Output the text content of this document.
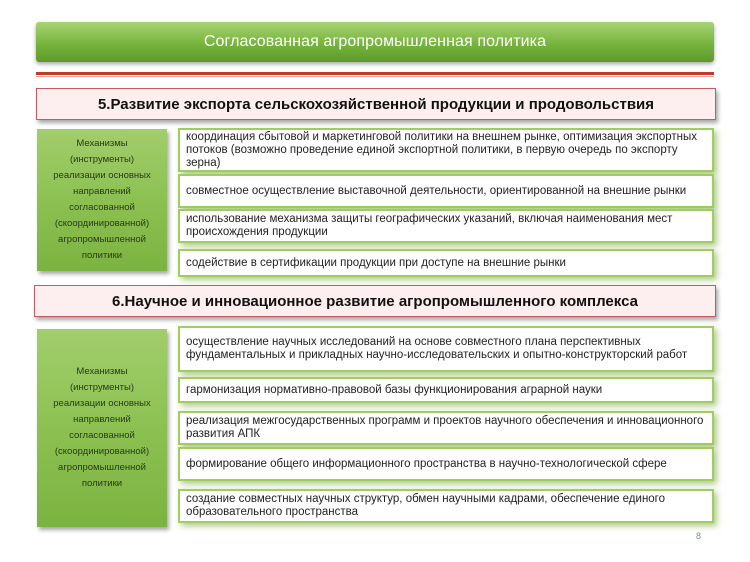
Согласованная агропромышленная политика
5.Развитие экспорта сельскохозяйственной продукции и продовольствия
Механизмы (инструменты) реализации основных направлений согласованной (скоординированной) агропромышленной политики
координация сбытовой и маркетинговой политики на внешнем рынке, оптимизация экспортных потоков (возможно проведение единой экспортной политики, в первую очередь по экспорту зерна)
совместное осуществление выставочной деятельности, ориентированной на внешние рынки
использование механизма защиты географических указаний, включая наименования мест происхождения продукции
содействие в сертификации продукции при доступе на внешние рынки
6.Научное и инновационное развитие агропромышленного комплекса
Механизмы (инструменты) реализации основных направлений согласованной (скоординированной) агропромышленной политики
осуществление научных исследований на основе совместного плана перспективных фундаментальных и прикладных научно-исследовательских и опытно-конструкторский работ
гармонизация нормативно-правовой базы функционирования аграрной науки
реализация межгосударственных программ и проектов научного обеспечения и инновационного развития АПК
формирование общего информационного пространства в научно-технологической сфере
создание совместных научных структур, обмен научными кадрами, обеспечение единого образовательного пространства
8
